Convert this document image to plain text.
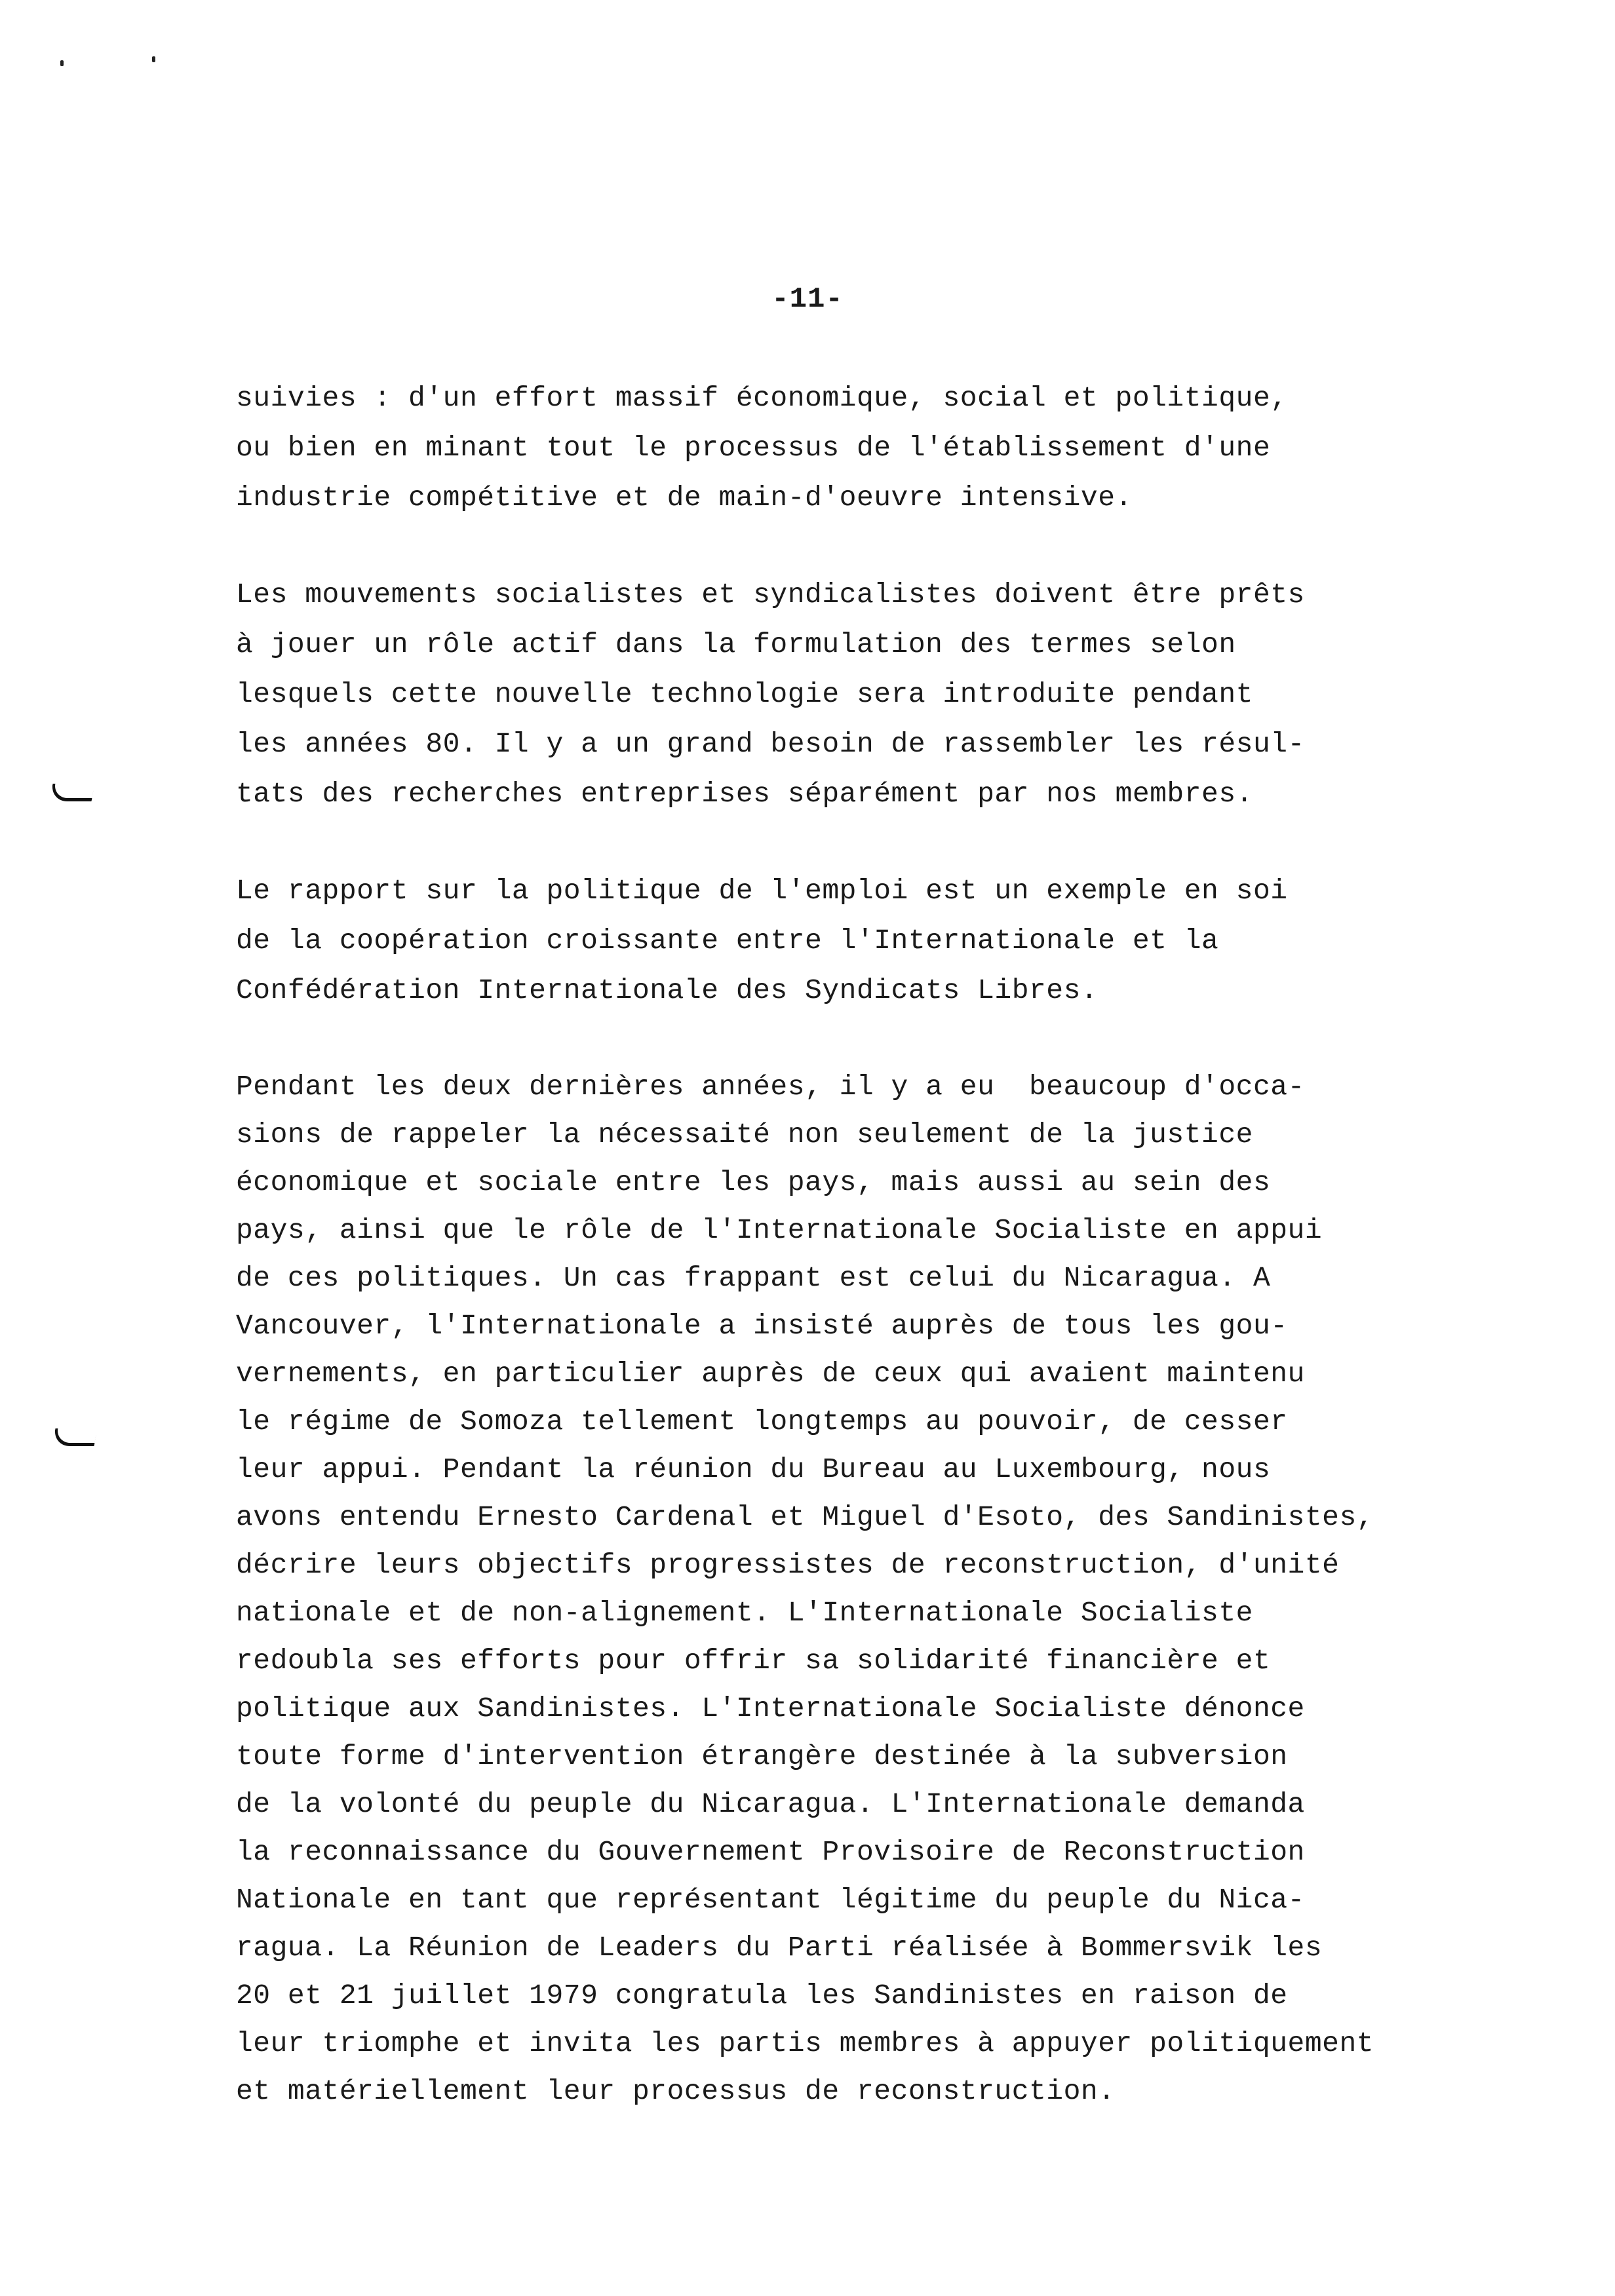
-11-
suivies : d'un effort massif économique, social et politique,
ou bien en minant tout le processus de l'établissement d'une
industrie compétitive et de main-d'oeuvre intensive.
Les mouvements socialistes et syndicalistes doivent être prêts
à jouer un rôle actif dans la formulation des termes selon
lesquels cette nouvelle technologie sera introduite pendant
les années 80. Il y a un grand besoin de rassembler les résul-
tats des recherches entreprises séparément par nos membres.
Le rapport sur la politique de l'emploi est un exemple en soi
de la coopération croissante entre l'Internationale et la
Confédération Internationale des Syndicats Libres.
Pendant les deux dernières années, il y a eu  beaucoup d'occa-
sions de rappeler la nécessaité non seulement de la justice
économique et sociale entre les pays, mais aussi au sein des
pays, ainsi que le rôle de l'Internationale Socialiste en appui
de ces politiques. Un cas frappant est celui du Nicaragua. A
Vancouver, l'Internationale a insisté auprès de tous les gou-
vernements, en particulier auprès de ceux qui avaient maintenu
le régime de Somoza tellement longtemps au pouvoir, de cesser
leur appui. Pendant la réunion du Bureau au Luxembourg, nous
avons entendu Ernesto Cardenal et Miguel d'Esoto, des Sandinistes,
décrire leurs objectifs progressistes de reconstruction, d'unité
nationale et de non-alignement. L'Internationale Socialiste
redoubla ses efforts pour offrir sa solidarité financière et
politique aux Sandinistes. L'Internationale Socialiste dénonce
toute forme d'intervention étrangère destinée à la subversion
de la volonté du peuple du Nicaragua. L'Internationale demanda
la reconnaissance du Gouvernement Provisoire de Reconstruction
Nationale en tant que représentant légitime du peuple du Nica-
ragua. La Réunion de Leaders du Parti réalisée à Bommersvik les
20 et 21 juillet 1979 congratula les Sandinistes en raison de
leur triomphe et invita les partis membres à appuyer politiquement
et matériellement leur processus de reconstruction.
